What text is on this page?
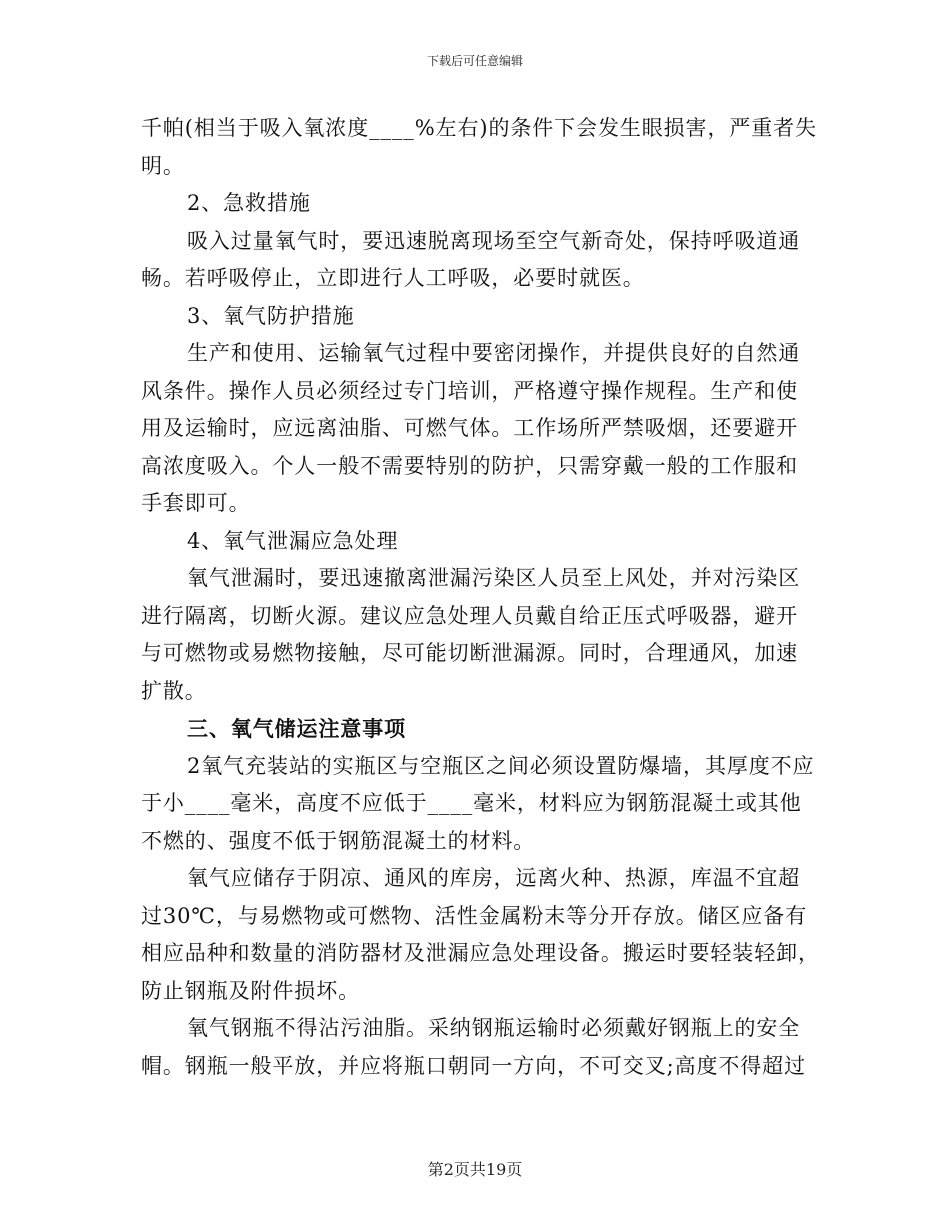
下载后可任意编辑
千帕(相当于吸入氧浓度____%左右)的条件下会发生眼损害，严重者失
明。
2、急救措施
吸入过量氧气时，要迅速脱离现场至空气新奇处，保持呼吸道通
畅。若呼吸停止，立即进行人工呼吸，必要时就医。
3、氧气防护措施
生产和使用、运输氧气过程中要密闭操作，并提供良好的自然通
风条件。操作人员必须经过专门培训，严格遵守操作规程。生产和使
用及运输时，应远离油脂、可燃气体。工作场所严禁吸烟，还要避开
高浓度吸入。个人一般不需要特别的防护，只需穿戴一般的工作服和
手套即可。
4、氧气泄漏应急处理
氧气泄漏时，要迅速撤离泄漏污染区人员至上风处，并对污染区
进行隔离，切断火源。建议应急处理人员戴自给正压式呼吸器，避开
与可燃物或易燃物接触，尽可能切断泄漏源。同时，合理通风，加速
扩散。
三、氧气储运注意事项
2氧气充装站的实瓶区与空瓶区之间必须设置防爆墙，其厚度不应
于小____毫米，高度不应低于____毫米，材料应为钢筋混凝土或其他
不燃的、强度不低于钢筋混凝土的材料。
氧气应储存于阴凉、通风的库房，远离火种、热源，库温不宜超
过30℃，与易燃物或可燃物、活性金属粉末等分开存放。储区应备有
相应品种和数量的消防器材及泄漏应急处理设备。搬运时要轻装轻卸，
防止钢瓶及附件损坏。
氧气钢瓶不得沾污油脂。采纳钢瓶运输时必须戴好钢瓶上的安全
帽。钢瓶一般平放，并应将瓶口朝同一方向，不可交叉;高度不得超过
第2页共19页
